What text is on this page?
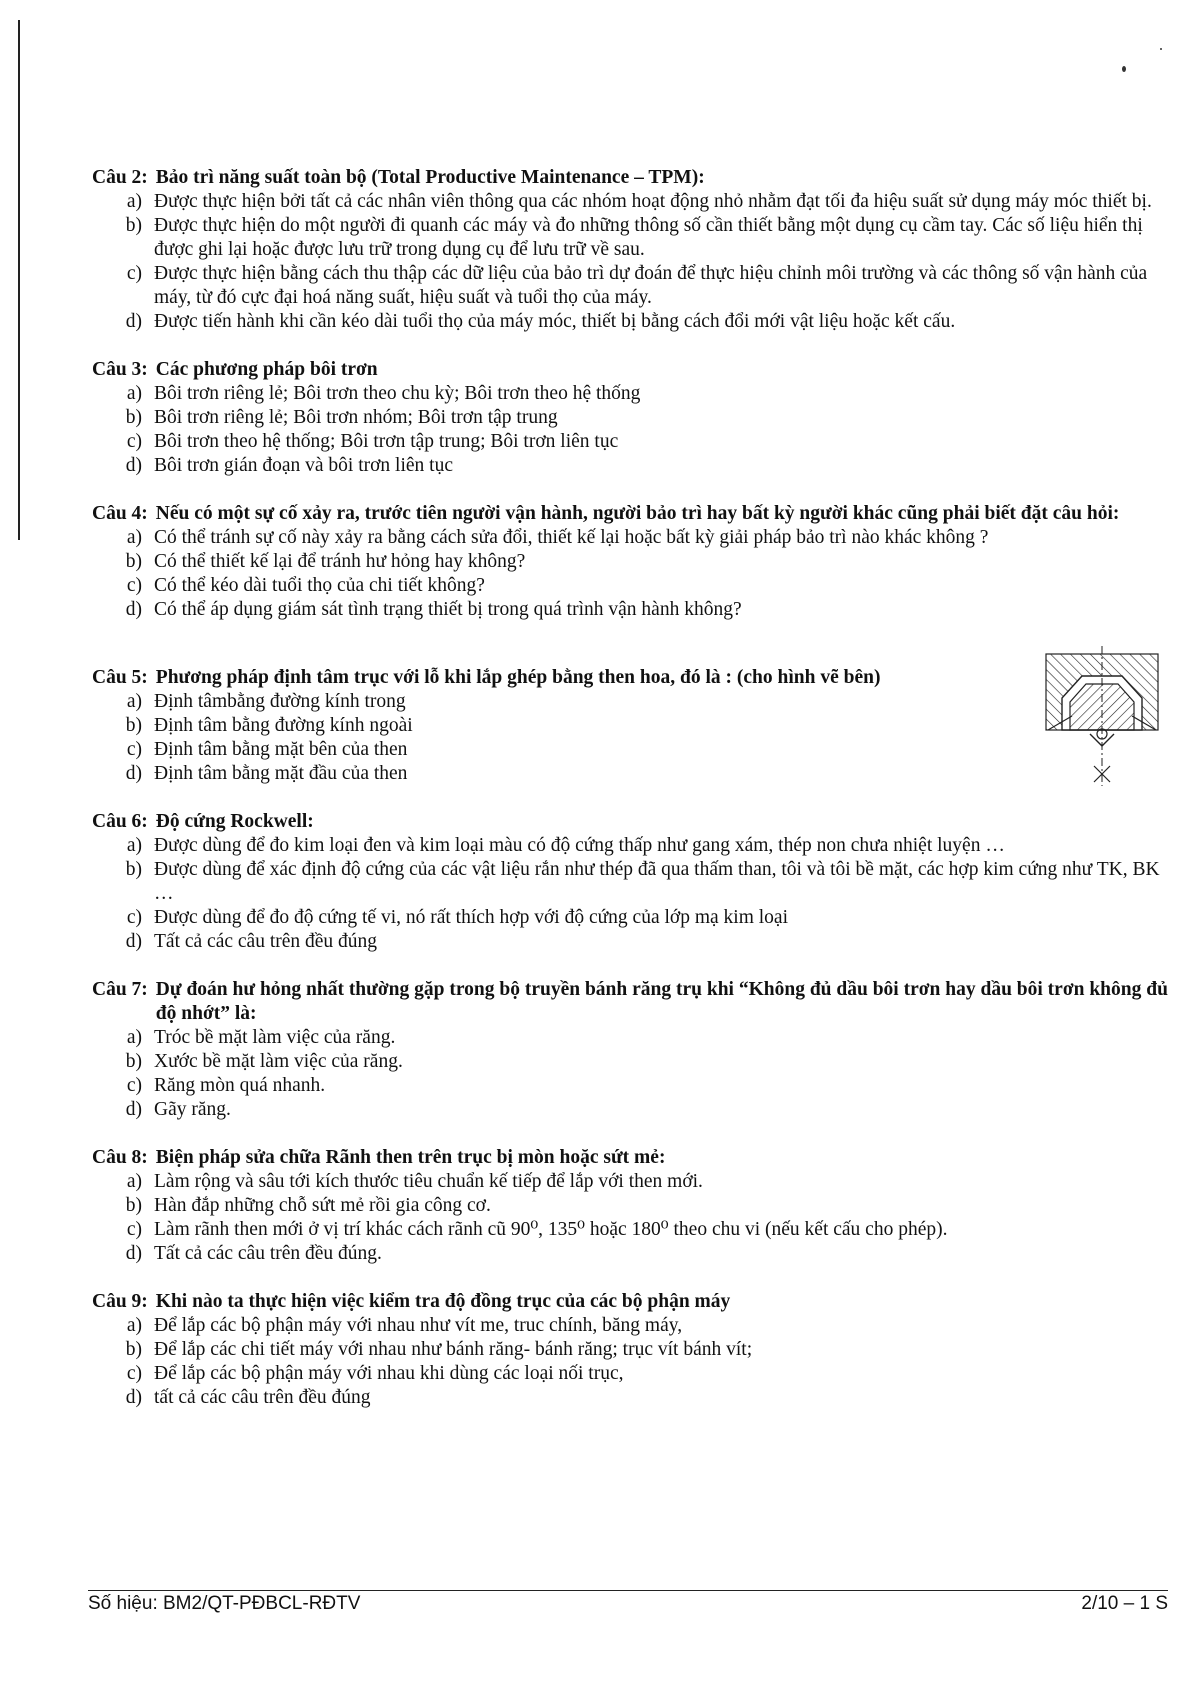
Câu 2: Bảo trì năng suất toàn bộ (Total Productive Maintenance – TPM):
a) Được thực hiện bởi tất cả các nhân viên thông qua các nhóm hoạt động nhỏ nhằm đạt tối đa hiệu suất sử dụng máy móc thiết bị.
b) Được thực hiện do một người đi quanh các máy và đo những thông số cần thiết bằng một dụng cụ cầm tay. Các số liệu hiển thị được ghi lại hoặc được lưu trữ trong dụng cụ để lưu trữ về sau.
c) Được thực hiện bằng cách thu thập các dữ liệu của bảo trì dự đoán để thực hiệu chỉnh môi trường và các thông số vận hành của máy, từ đó cực đại hoá năng suất, hiệu suất và tuổi thọ của máy.
d) Được tiến hành khi cần kéo dài tuổi thọ của máy móc, thiết bị bằng cách đổi mới vật liệu hoặc kết cấu.
Câu 3: Các phương pháp bôi trơn
a) Bôi trơn riêng lẻ; Bôi trơn theo chu kỳ; Bôi trơn theo hệ thống
b) Bôi trơn riêng lẻ; Bôi trơn nhóm; Bôi trơn tập trung
c) Bôi trơn theo hệ thống; Bôi trơn tập trung; Bôi trơn liên tục
d) Bôi trơn gián đoạn và bôi trơn liên tục
Câu 4: Nếu có một sự cố xảy ra, trước tiên người vận hành, người bảo trì hay bất kỳ người khác cũng phải biết đặt câu hỏi:
a) Có thể tránh sự cố này xảy ra bằng cách sửa đổi, thiết kế lại hoặc bất kỳ giải pháp bảo trì nào khác không ?
b) Có thể thiết kế lại để tránh hư hỏng hay không?
c) Có thể kéo dài tuổi thọ của chi tiết không?
d) Có thể áp dụng giám sát tình trạng thiết bị trong quá trình vận hành không?
Câu 5: Phương pháp định tâm trục với lỗ khi lắp ghép bằng then hoa, đó là : (cho hình vẽ bên)
a) Định tâmbằng đường kính trong
b) Định tâm bằng đường kính ngoài
c) Định tâm bằng mặt bên của then
d) Định tâm bằng mặt đầu của then
Câu 6: Độ cứng Rockwell:
a) Được dùng để đo kim loại đen và kim loại màu có độ cứng thấp như gang xám, thép non chưa nhiệt luyện …
b) Được dùng để xác định độ cứng của các vật liệu rắn như thép đã qua thấm than, tôi và tôi bề mặt, các hợp kim cứng như TK, BK …
c) Được dùng để đo độ cứng tế vi, nó rất thích hợp với độ cứng của lớp mạ kim loại
d) Tất cả các câu trên đều đúng
Câu 7: Dự đoán hư hỏng nhất thường gặp trong bộ truyền bánh răng trụ khi “Không đủ dầu bôi trơn hay dầu bôi trơn không đủ độ nhớt” là:
a) Tróc bề mặt làm việc của răng.
b) Xước bề mặt làm việc của răng.
c) Răng mòn quá nhanh.
d) Gãy răng.
Câu 8: Biện pháp sửa chữa Rãnh then trên trục bị mòn hoặc sứt mẻ:
a) Làm rộng và sâu tới kích thước tiêu chuẩn kế tiếp để lắp với then mới.
b) Hàn đắp những chỗ sứt mẻ rồi gia công cơ.
c) Làm rãnh then mới ở vị trí khác cách rãnh cũ 90⁰, 135⁰ hoặc 180⁰ theo chu vi (nếu kết cấu cho phép).
d) Tất cả các câu trên đều đúng.
Câu 9: Khi nào ta thực hiện việc kiểm tra độ đồng trục của các bộ phận máy
a) Để lắp các bộ phận máy với nhau như vít me, truc chính, băng máy,
b) Để lắp các chi tiết máy với nhau như bánh răng- bánh răng; trục vít bánh vít;
c) Để lắp các bộ phận máy với nhau khi dùng các loại nối trục,
d) tất cả các câu trên đều đúng
Số hiệu: BM2/QT-PĐBCL-RĐTV	2/10 – 1 S
